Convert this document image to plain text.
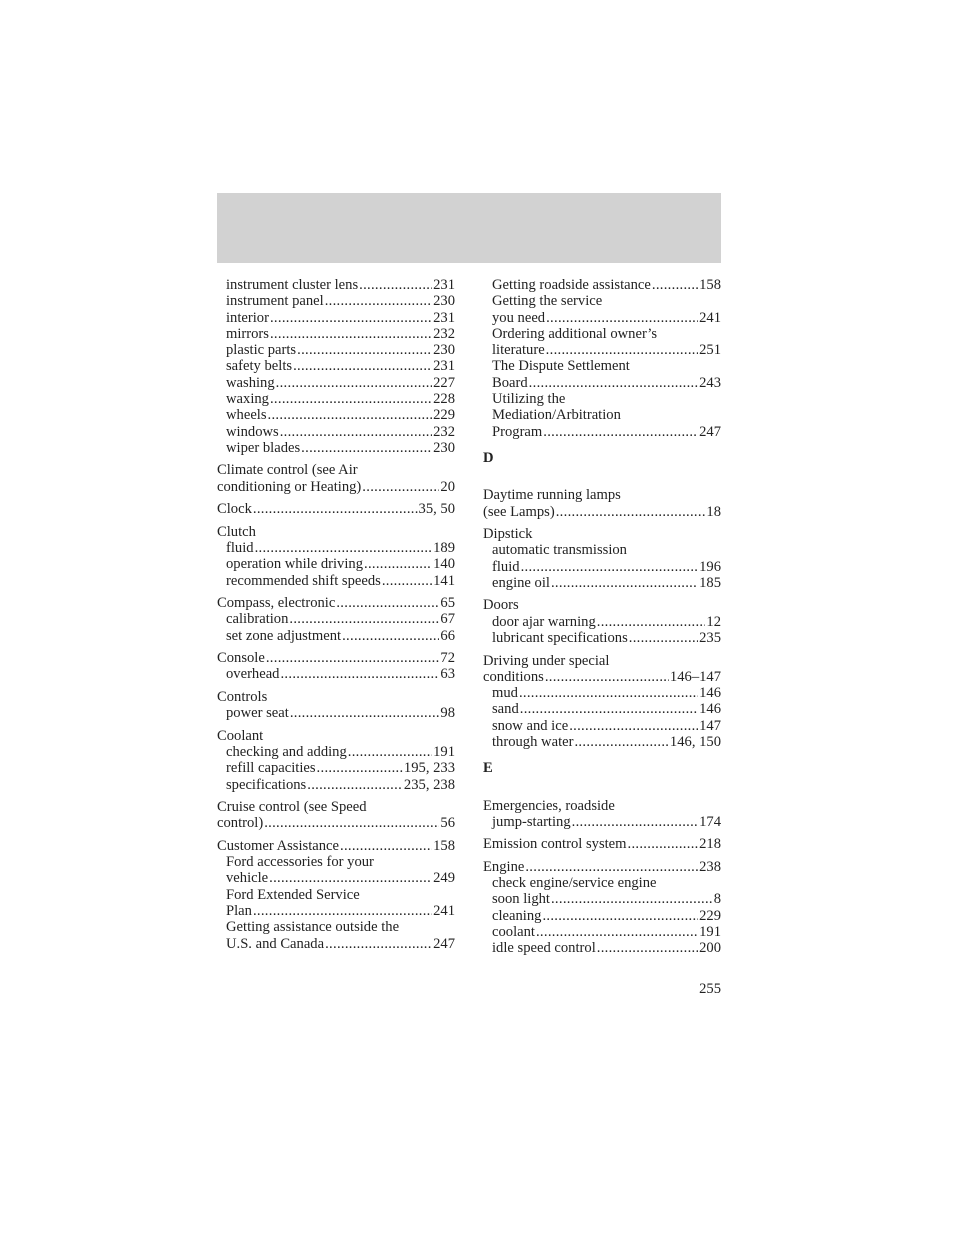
instrument cluster lens .....	231
instrument panel .....	230
interior .....	231
mirrors .....	232
plastic parts .....	230
safety belts .....	231
washing .....	227
waxing .....	228
wheels .....	229
windows .....	232
wiper blades .....	230
Climate control (see Air
conditioning or Heating) .....	20
Clock .....	35, 50
Clutch
fluid .....	189
operation while driving .....	140
recommended shift speeds .....	141
Compass, electronic .....	65
calibration .....	67
set zone adjustment .....	66
Console .....	72
overhead .....	63
Controls
power seat .....	98
Coolant
checking and adding .....	191
refill capacities .....	195, 233
specifications .....	235, 238
Cruise control (see Speed
control) .....	56
Customer Assistance .....	158
Ford accessories for your
vehicle .....	249
Ford Extended Service
Plan .....	241
Getting assistance outside the
U.S. and Canada .....	247
Getting roadside assistance .....	158
Getting the service
you need .....	241
Ordering additional owner’s
literature .....	251
The Dispute Settlement
Board .....	243
Utilizing the
Mediation/Arbitration
Program .....	247
D
Daytime running lamps
(see Lamps) .....	18
Dipstick
automatic transmission
fluid .....	196
engine oil .....	185
Doors
door ajar warning .....	12
lubricant specifications .....	235
Driving under special
conditions .....	146–147
mud .....	146
sand .....	146
snow and ice .....	147
through water .....	146, 150
E
Emergencies, roadside
jump-starting .....	174
Emission control system .....	218
Engine .....	238
check engine/service engine
soon light .....	8
cleaning .....	229
coolant .....	191
idle speed control .....	200
255
